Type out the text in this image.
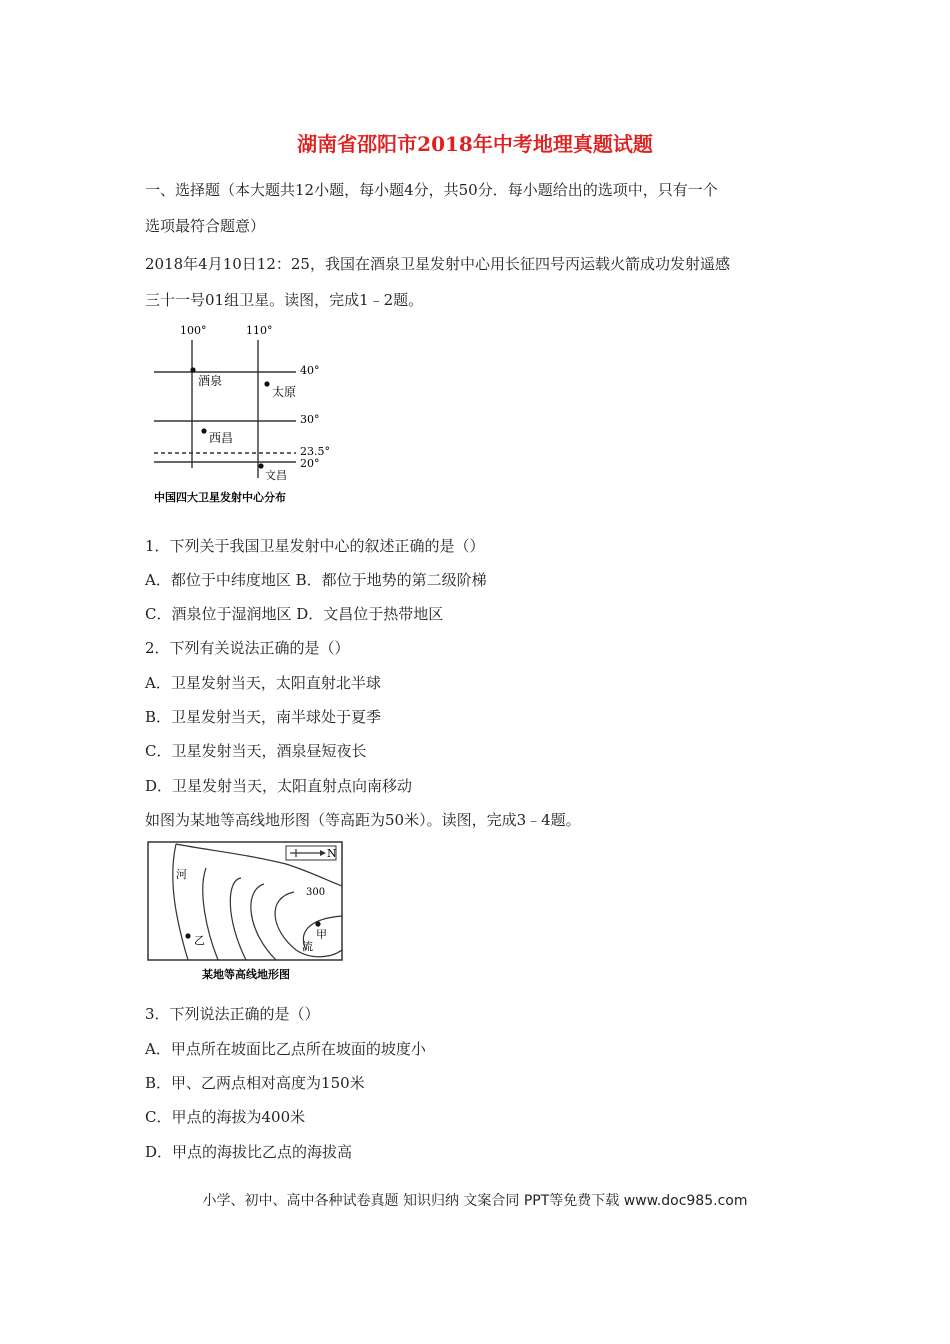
湖南省邵阳市2018年中考地理真题试题
一、选择题（本大题共12小题，每小题4分，共50分．每小题给出的选项中，只有一个
选项最符合题意）
2018年4月10日12：25，我国在酒泉卫星发射中心用长征四号丙运载火箭成功发射遥感
三十一号01组卫星。读图，完成1﹣2题。
100°	110°
40°
30°
23.5°
20°
酒泉
太原
西昌
文昌
中国四大卫星发射中心分布
1．下列关于我国卫星发射中心的叙述正确的是（）
A．都位于中纬度地区 B．都位于地势的第二级阶梯
C．酒泉位于湿润地区 D．文昌位于热带地区
2．下列有关说法正确的是（）
A．卫星发射当天，太阳直射北半球
B．卫星发射当天，南半球处于夏季
C．卫星发射当天，酒泉昼短夜长
D．卫星发射当天，太阳直射点向南移动
如图为某地等高线地形图（等高距为50米）。读图，完成3﹣4题。
N
300
河
流
甲
乙
某地等高线地形图
3．下列说法正确的是（）
A．甲点所在坡面比乙点所在坡面的坡度小
B．甲、乙两点相对高度为150米
C．甲点的海拔为400米
D．甲点的海拔比乙点的海拔高
小学、初中、高中各种试卷真题 知识归纳 文案合同 PPT等免费下载 www.doc985.com
